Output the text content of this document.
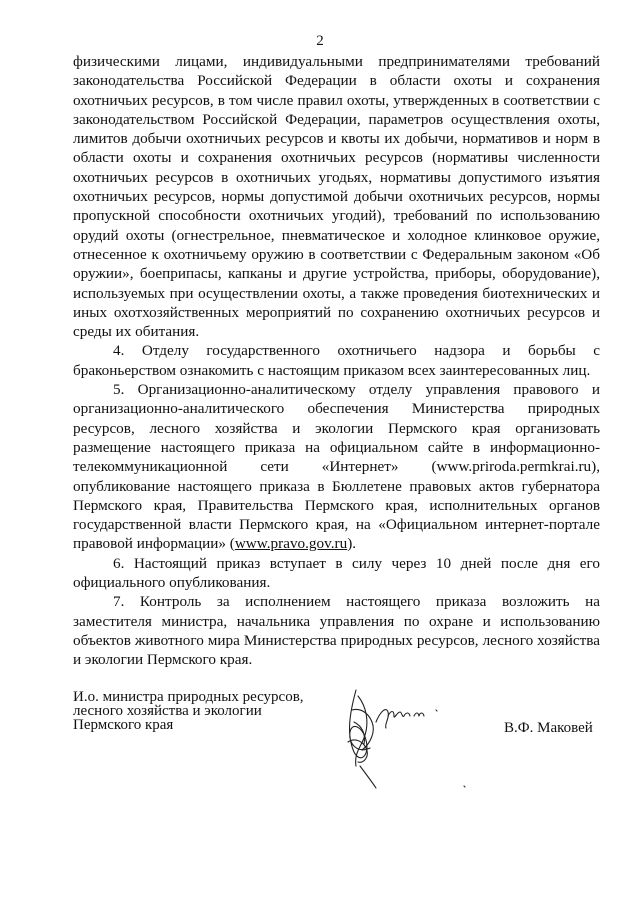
2

физическими лицами, индивидуальными предпринимателями требований законодательства Российской Федерации в области охоты и сохранения охотничьих ресурсов, в том числе правил охоты, утвержденных в соответствии с законодательством Российской Федерации, параметров осуществления охоты, лимитов добычи охотничьих ресурсов и квоты их добычи, нормативов и норм в области охоты и сохранения охотничьих ресурсов (нормативы численности охотничьих ресурсов в охотничьих угодьях, нормативы допустимого изъятия охотничьих ресурсов, нормы допустимой добычи охотничьих ресурсов, нормы пропускной способности охотничьих угодий), требований по использованию орудий охоты (огнестрельное, пневматическое и холодное клинковое оружие, отнесенное к охотничьему оружию в соответствии с Федеральным законом «Об оружии», боеприпасы, капканы и другие устройства, приборы, оборудование), используемых при осуществлении охоты, а также проведения биотехнических и иных охотхозяйственных мероприятий по сохранению охотничьих ресурсов и среды их обитания.

4. Отделу государственного охотничьего надзора и борьбы с браконьерством ознакомить с настоящим приказом всех заинтересованных лиц.

5. Организационно-аналитическому отделу управления правового и организационно-аналитического обеспечения Министерства природных ресурсов, лесного хозяйства и экологии Пермского края организовать размещение настоящего приказа на официальном сайте в информационно-телекоммуникационной сети «Интернет» (www.priroda.permkrai.ru), опубликование настоящего приказа в Бюллетене правовых актов губернатора Пермского края, Правительства Пермского края, исполнительных органов государственной власти Пермского края, на «Официальном интернет-портале правовой информации» (www.pravo.gov.ru).

6. Настоящий приказ вступает в силу через 10 дней после дня его официального опубликования.

7. Контроль за исполнением настоящего приказа возложить на заместителя министра, начальника управления по охране и использованию объектов животного мира Министерства природных ресурсов, лесного хозяйства и экологии Пермского края.

И.о. министра природных ресурсов,
лесного хозяйства и экологии
Пермского края	В.Ф. Маковей
